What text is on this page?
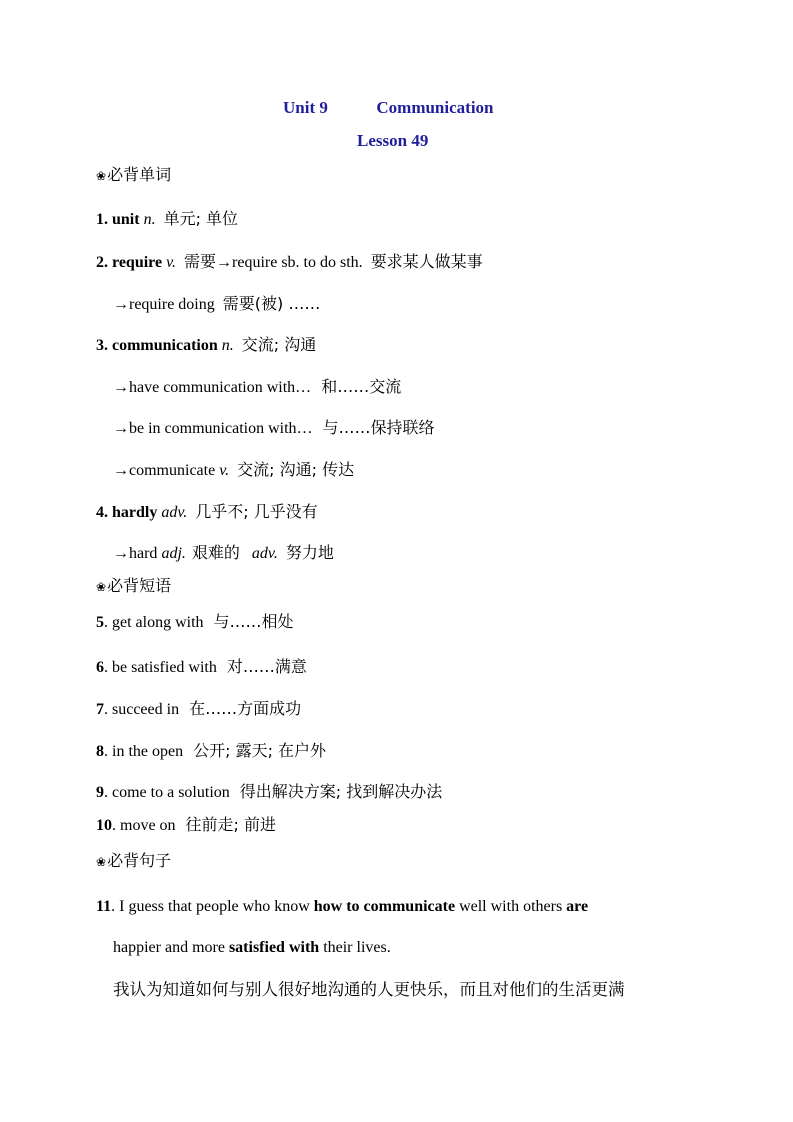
Unit 9	Communication
Lesson 49
❀必背单词
1. unit n. 单元; 单位
2. require v. 需要→require sb. to do sth. 要求某人做某事
→require doing 需要(被) ……
3. communication n. 交流; 沟通
→have communication with… 和……交流
→be in communication with… 与……保持联络
→communicate v. 交流; 沟通; 传达
4. hardly adv. 几乎不; 几乎没有
→hard adj. 艰难的 adv. 努力地
❀必背短语
5. get along with 与……相处
6. be satisfied with 对……满意
7. succeed in 在……方面成功
8. in the open 公开; 露天; 在户外
9. come to a solution 得出解决方案; 找到解决办法
10. move on 往前走; 前进
❀必背句子
11. I guess that people who know how to communicate well with others are
happier and more satisfied with their lives.
我认为知道如何与别人很好地沟通的人更快乐，而且对他们的生活更满
